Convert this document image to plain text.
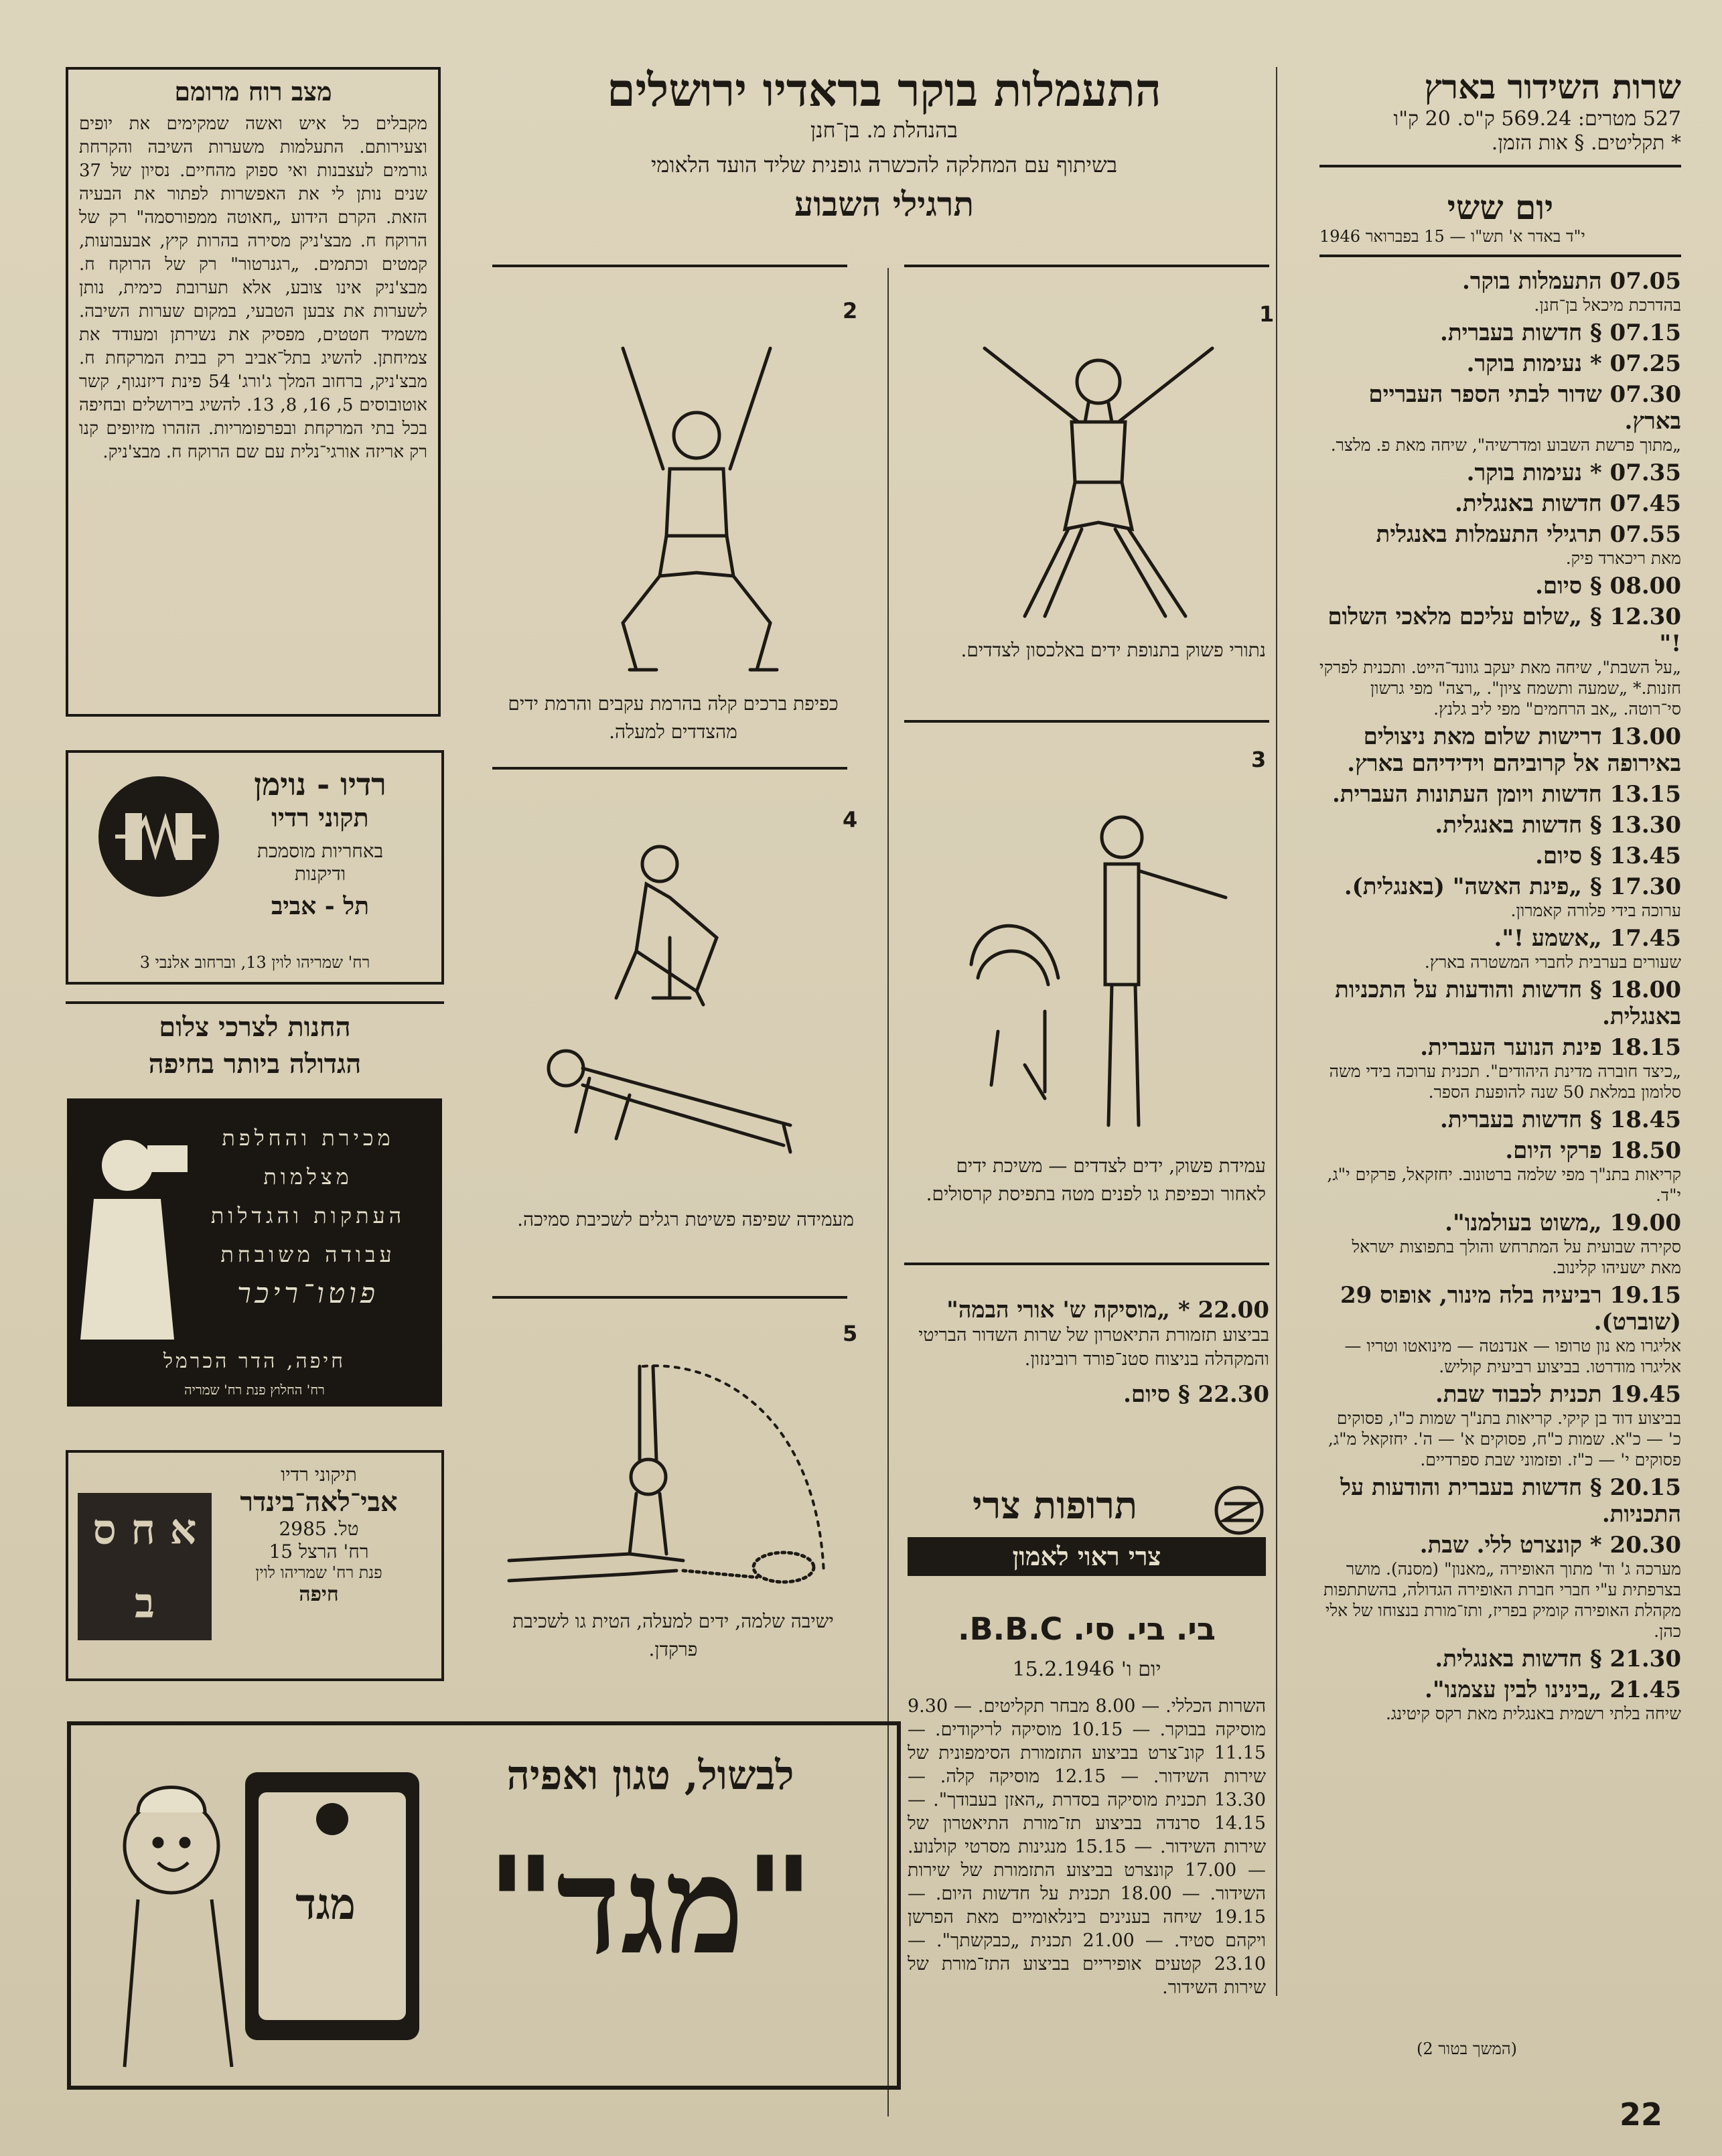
שרות השידור בארץ
527 מטרים: 569.24 ק"ס. 20 ק"ו
* תקליטים. § אות הזמן.
יום ששי
י"ד באדר א' תש"ו — 15 בפברואר 1946
07.05 התעמלות בוקר.
בהדרכת מיכאל בן־חנן.
07.15 § חדשות בעברית.
07.25 * נעימות בוקר.
07.30 שדור לבתי הספר העבריים בארץ.
„מתוך פרשת השבוע ומדרשיה", שיחה מאת פ. מלצר.
07.35 * נעימות בוקר.
07.45 חדשות באנגלית.
07.55 תרגילי התעמלות באנגלית
מאת ריכארד פיק.
08.00 § סיום.
12.30 § „שלום עליכם מלאכי השלום !"
„על השבת", שיחה מאת יעקב גוונד־הייט. ותכנית לפרקי חזנות.* „שמעה ותשמח ציון". „רצה" מפי גרשון סי־רוטה. „אב הרחמים" מפי ליב גלנץ.
13.00 דרישות שלום מאת ניצולים באירופה אל קרוביהם וידידיהם בארץ.
13.15 חדשות ויומן העתונות העברית.
13.30 § חדשות באנגלית.
13.45 § סיום.
17.30 § „פינת האשה" (באנגלית).
ערוכה בידי פלורה קאמרון.
17.45 „אשמע !".
שעורים בערבית לחברי המשטרה בארץ.
18.00 § חדשות והודעות על התכניות באנגלית.
18.15 פינת הנוער העברית.
„כיצד חוברה מדינת היהודים". תכנית ערוכה בידי משה סלומון במלאת 50 שנה להופעת הספר.
18.45 § חדשות בעברית.
18.50 פרקי היום.
קריאות בתנ"ך מפי שלמה ברטונוב. יחזקאל, פרקים י"ג, י"ד.
19.00 „משוט בעולמנו".
סקירה שבועית על המתרחש והולך בתפוצות ישראל מאת ישעיהו קלינוב.
19.15 רביעיה בלה מינור, אופוס 29 (שוברט).
אליגרו מא נון טרופו — אנדנטה — מינואטו וטריו — אליגרו מודרטו. בביצוע רביעית קוליש.
19.45 תכנית לכבוד שבת.
בביצוע דוד בן קיקי. קריאות בתנ"ך שמות כ"ו, פסוקים כ' — כ"א. שמות כ"ח, פסוקים א' — ה'. יחזקאל מ"ג, פסוקים י' — כ"ז. ופזמוני שבת ספרדיים.
20.15 § חדשות בעברית והודעות על התכניות.
20.30 * קונצרט ללי. שבת.
מערכה ג' וד' מתוך האופירה „מאנון" (מסנה). מושר בצרפתית ע"י חברי חברת האופירה הגדולה, בהשתתפות מקהלת האופירה קומיק בפריז, ותז־מורת בנצוחו של אלי כהן.
21.30 § חדשות באנגלית.
21.45 „בינינו לבין עצמנו".
שיחה בלתי רשמית באנגלית מאת רקס קיטינג.
(המשך בטור 2)
22
התעמלות בוקר בראדיו ירושלים
בהנהלת מ. בן־חנן
בשיתוף עם המחלקה להכשרה גופנית שליד הועד הלאומי
תרגילי השבוע
1
נתורי פשוק בתנופת ידים באלכסון לצדדים.
2
כפיפת ברכים קלה בהרמת עקבים והרמת ידים מהצדדים למעלה.
3
עמידת פשוק, ידים לצדדים — משיכת ידים לאחור וכפיפת גו לפנים מטה בתפיסת קרסולים.
4
מעמידה שפיפה פשיטת רגלים לשכיבת סמיכה.
5
ישיבה שלמה, ידים למעלה, הטית גו לשכיבת פרקדן.
22.00 * „מוסיקה ש' אורי הבמה"
בביצוע תזמורת התיאטרון של שרות השדור הבריטי והמקהלה בניצוח סטנ־פורד רובינזון.
22.30 § סיום.
תרופות צרי
צרי ראוי לאמון
בי. בי. סי. B.B.C.
יום ו' 15.2.1946
השרות הכללי. — 8.00 מבחר תקליטים. — 9.30 מוסיקה בבוקר. — 10.15 מוסיקה לריקודים. — 11.15 קונ־צרט בביצוע התזמורת הסימפונית של שירות השידור. — 12.15 מוסיקה קלה. — 13.30 תכנית מוסיקה בסדרת „האזן בעבודך". — 14.15 סרנדה בביצוע תז־מורת התיאטרון של שירות השידור. — 15.15 מנגינות מסרטי קולנוע. — 17.00 קונצרט בביצוע התזמורת של שירות השידור. — 18.00 תכנית על חדשות היום. — 19.15 שיחה בענינים בינלאומיים מאת הפרשן ויקהם סטיד. — 21.00 תכנית „כבקשתך". — 23.10 קטעים אופיריים בביצוע התז־מורת של שירות השידור.
מצב רוח מרומם
מקבלים כל איש ואשה שמקימים את יופים וצעירותם. התעלמות משערות השיבה והקרחת גורמים לעצבנות ואי ספוק מהחיים. נסיון של 37 שנים נותן לי את האפשרות לפתור את הבעיה הזאת. הקרם הידוע „חאוטה ממפורסמה" רק של הרוקח ח. מבצ'ניק מסירה בהרות קיץ, אבעבועות, קמטים וכתמים. „רגנרטור" רק של הרוקח ח. מבצ'ניק אינו צובע, אלא תערובת כימית, נותן לשערות את צבען הטבעי, במקום שערות השיבה. משמיד חטטים, מפסיק את נשירתן ומעודד את צמיחתן. להשיג בתל־אביב רק בבית המרקחת ח. מבצ'ניק, ברחוב המלך ג'ורג' 54 פינת דיזנגוף, קשר אוטובוסים 5, 16, 8, 13. להשיג בירושלים ובחיפה בכל בתי המרקחת ובפרפומריות. הזהרו מזיופים קנו רק אריזה אורגי־נלית עם שם הרוקח ח. מבצ'ניק.
רדיו - נוימן
תקוני רדיו
באחריות מוסמכת
ודיקנות
תל - אביב
רח' שמריהו לוין 13, וברחוב אלנבי 3
החנות לצרכי צלום
הגדולה ביותר בחיפה
מכירת והחלפת
מצלמות
העתקות והגדלות
עבודה משובחת
פוטו־ריכר
חיפה, הדר הכרמל
רח' החלוץ פנת רח' שמריה
תיקוני רדיו
אבי־לאה־בינדר
טל. 2985
רח' הרצל 15
פנת רח' שמריהו לוין
חיפה
א ח ס ב
לבשול, טגון ואפיה
"מגד"
מגד
